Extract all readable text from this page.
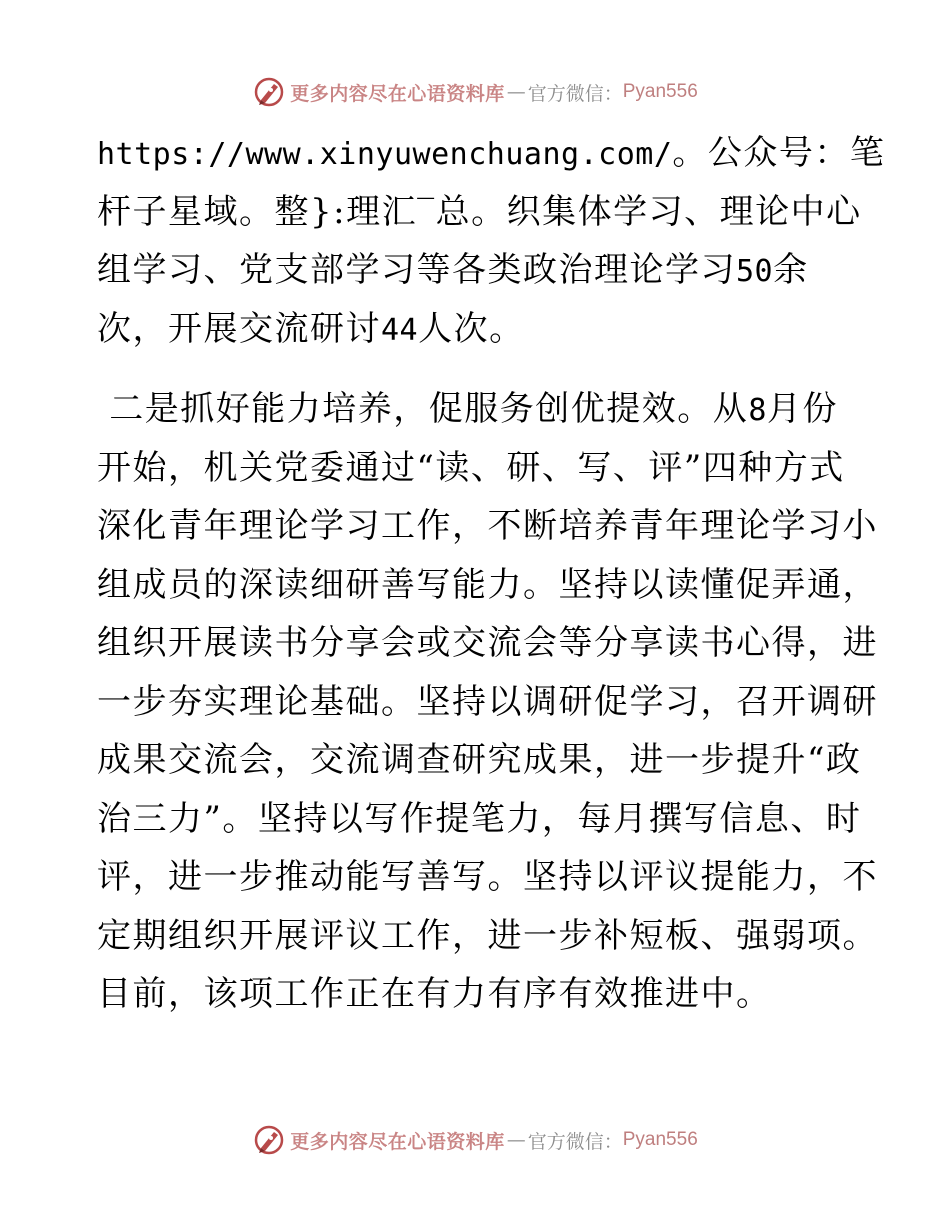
更多内容尽在心语资料库 — 官方微信： Pyan556
https://www.xinyuwenchuang.com/。公众号：笔
杆子星域。整}:理汇‾总。织集体学习、理论中心
组学习、党支部学习等各类政治理论学习50余
次，开展交流研讨44人次。
二是抓好能力培养，促服务创优提效。从8月份
开始，机关党委通过“读、研、写、评”四种方式
深化青年理论学习工作，不断培养青年理论学习小
组成员的深读细研善写能力。坚持以读懂促弄通，
组织开展读书分享会或交流会等分享读书心得，进
一步夯实理论基础。坚持以调研促学习，召开调研
成果交流会，交流调查研究成果，进一步提升“政
治三力”。坚持以写作提笔力，每月撰写信息、时
评，进一步推动能写善写。坚持以评议提能力，不
定期组织开展评议工作，进一步补短板、强弱项。
目前，该项工作正在有力有序有效推进中。
更多内容尽在心语资料库 — 官方微信： Pyan556
